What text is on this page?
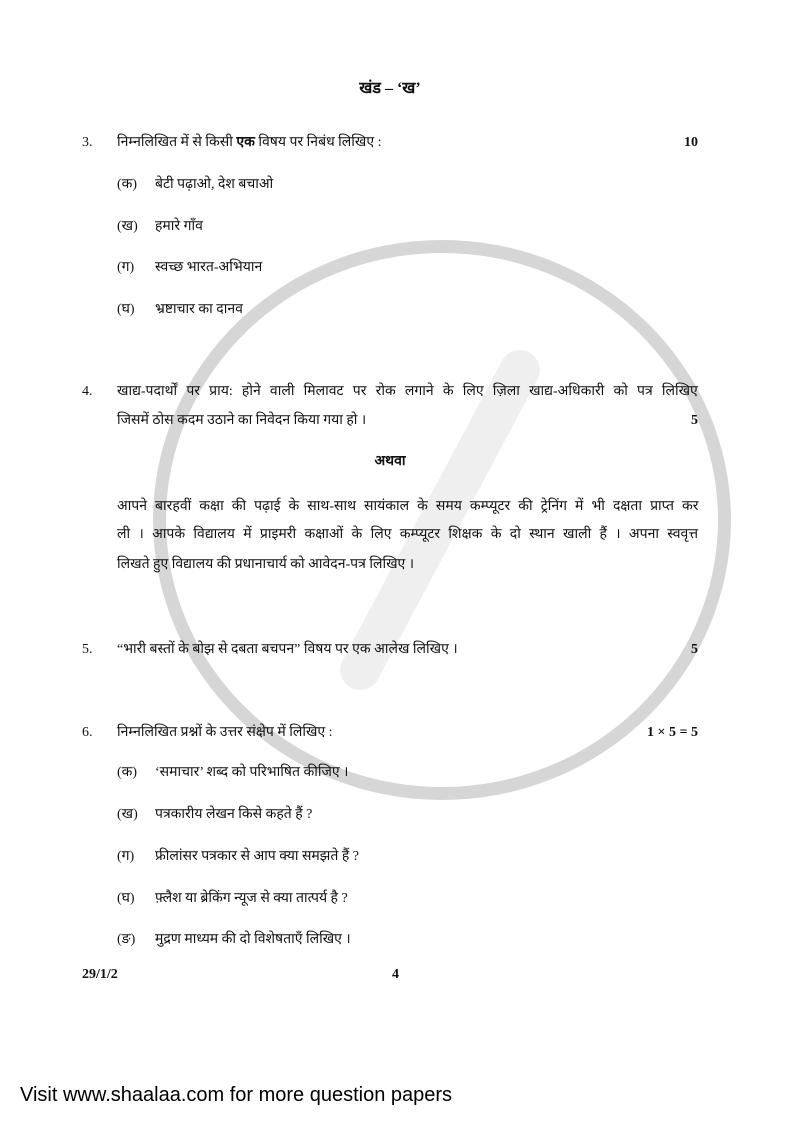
खंड – ‘ख’
3. निम्नलिखित में से किसी एक विषय पर निबंध लिखिए :	10
(क) बेटी पढ़ाओ, देश बचाओ
(ख) हमारे गाँव
(ग) स्वच्छ भारत-अभियान
(घ) भ्रष्टाचार का दानव
4. खाद्य-पदार्थों पर प्राय: होने वाली मिलावट पर रोक लगाने के लिए ज़िला खाद्य-अधिकारी को पत्र लिखिए
जिसमें ठोस कदम उठाने का निवेदन किया गया हो ।	5
अथवा
आपने बारहवीं कक्षा की पढ़ाई के साथ-साथ सायंकाल के समय कम्प्यूटर की ट्रेनिंग में भी दक्षता प्राप्त कर
ली । आपके विद्यालय में प्राइमरी कक्षाओं के लिए कम्प्यूटर शिक्षक के दो स्थान खाली हैं । अपना स्ववृत्त
लिखते हुए विद्यालय की प्रधानाचार्य को आवेदन-पत्र लिखिए ।
5. “भारी बस्तों के बोझ से दबता बचपन” विषय पर एक आलेख लिखिए ।	5
6. निम्नलिखित प्रश्नों के उत्तर संक्षेप में लिखिए :	1 × 5 = 5
(क) ‘समाचार’ शब्द को परिभाषित कीजिए ।
(ख) पत्रकारीय लेखन किसे कहते हैं ?
(ग) फ्रीलांसर पत्रकार से आप क्या समझते हैं ?
(घ) फ़्लैश या ब्रेकिंग न्यूज से क्या तात्पर्य है ?
(ङ) मुद्रण माध्यम की दो विशेषताएँ लिखिए ।
29/1/2	4
Visit www.shaalaa.com for more question papers
